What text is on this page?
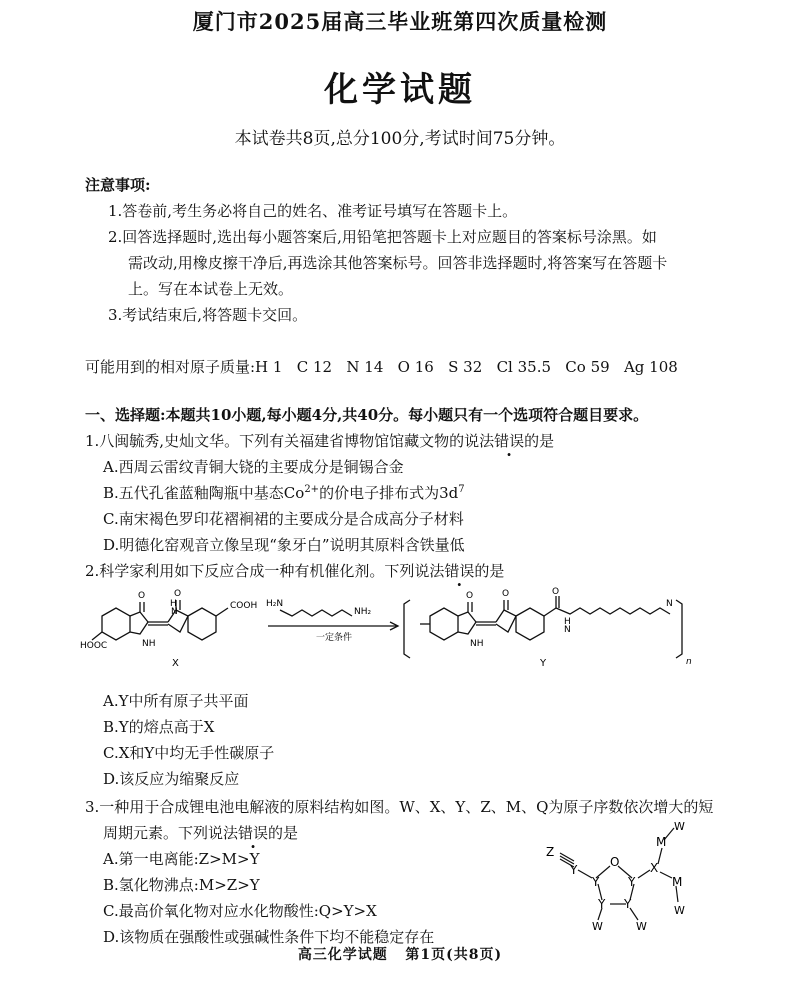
厦门市2025届高三毕业班第四次质量检测
化学试题
本试卷共8页,总分100分,考试时间75分钟。
注意事项:
1.答卷前,考生务必将自己的姓名、准考证号填写在答题卡上。
2.回答选择题时,选出每小题答案后,用铅笔把答题卡上对应题目的答案标号涂黑。如
需改动,用橡皮擦干净后,再选涂其他答案标号。回答非选择题时,将答案写在答题卡
上。写在本试卷上无效。
3.考试结束后,将答题卡交回。
可能用到的相对原子质量:H 1   C 12   N 14   O 16   S 32   Cl 35.5   Co 59   Ag 108
一、选择题:本题共10小题,每小题4分,共40分。每小题只有一个选项符合题目要求。
1.八闽毓秀,史灿文华。下列有关福建省博物馆馆藏文物的说法错误的是
A.西周云雷纹青铜大铙的主要成分是铜锡合金
B.五代孔雀蓝釉陶瓶中基态$Co^{2+}$的价电子排布式为$3d^7$
C.南宋褐色罗印花褶裥裙的主要成分是合成高分子材料
D.明德化窑观音立像呈现“象牙白”说明其原料含铁量低
2.科学家利用如下反应合成一种有机催化剂。下列说法错误的是
COOH
HOOC
O	O
NH
H
N
H₂N
NH₂
一定条件
O	O
NH
O
H
N
N
n
X	Y
A.Y中所有原子共平面
B.Y的熔点高于X
C.X和Y中均无手性碳原子
D.该反应为缩聚反应
3.一种用于合成锂电池电解液的原料结构如图。W、X、Y、Z、M、Q为原子序数依次增大的短
周期元素。下列说法错误的是
A.第一电离能:Z>M>Y
B.氢化物沸点:M>Z>Y
C.最高价氧化物对应水化物酸性:Q>Y>X
D.该物质在强酸性或强碱性条件下均不能稳定存在
Z
Y
Y
O
Y
Y Y
W	W
X
M
W
M
W
高三化学试题   第1页(共8页)
